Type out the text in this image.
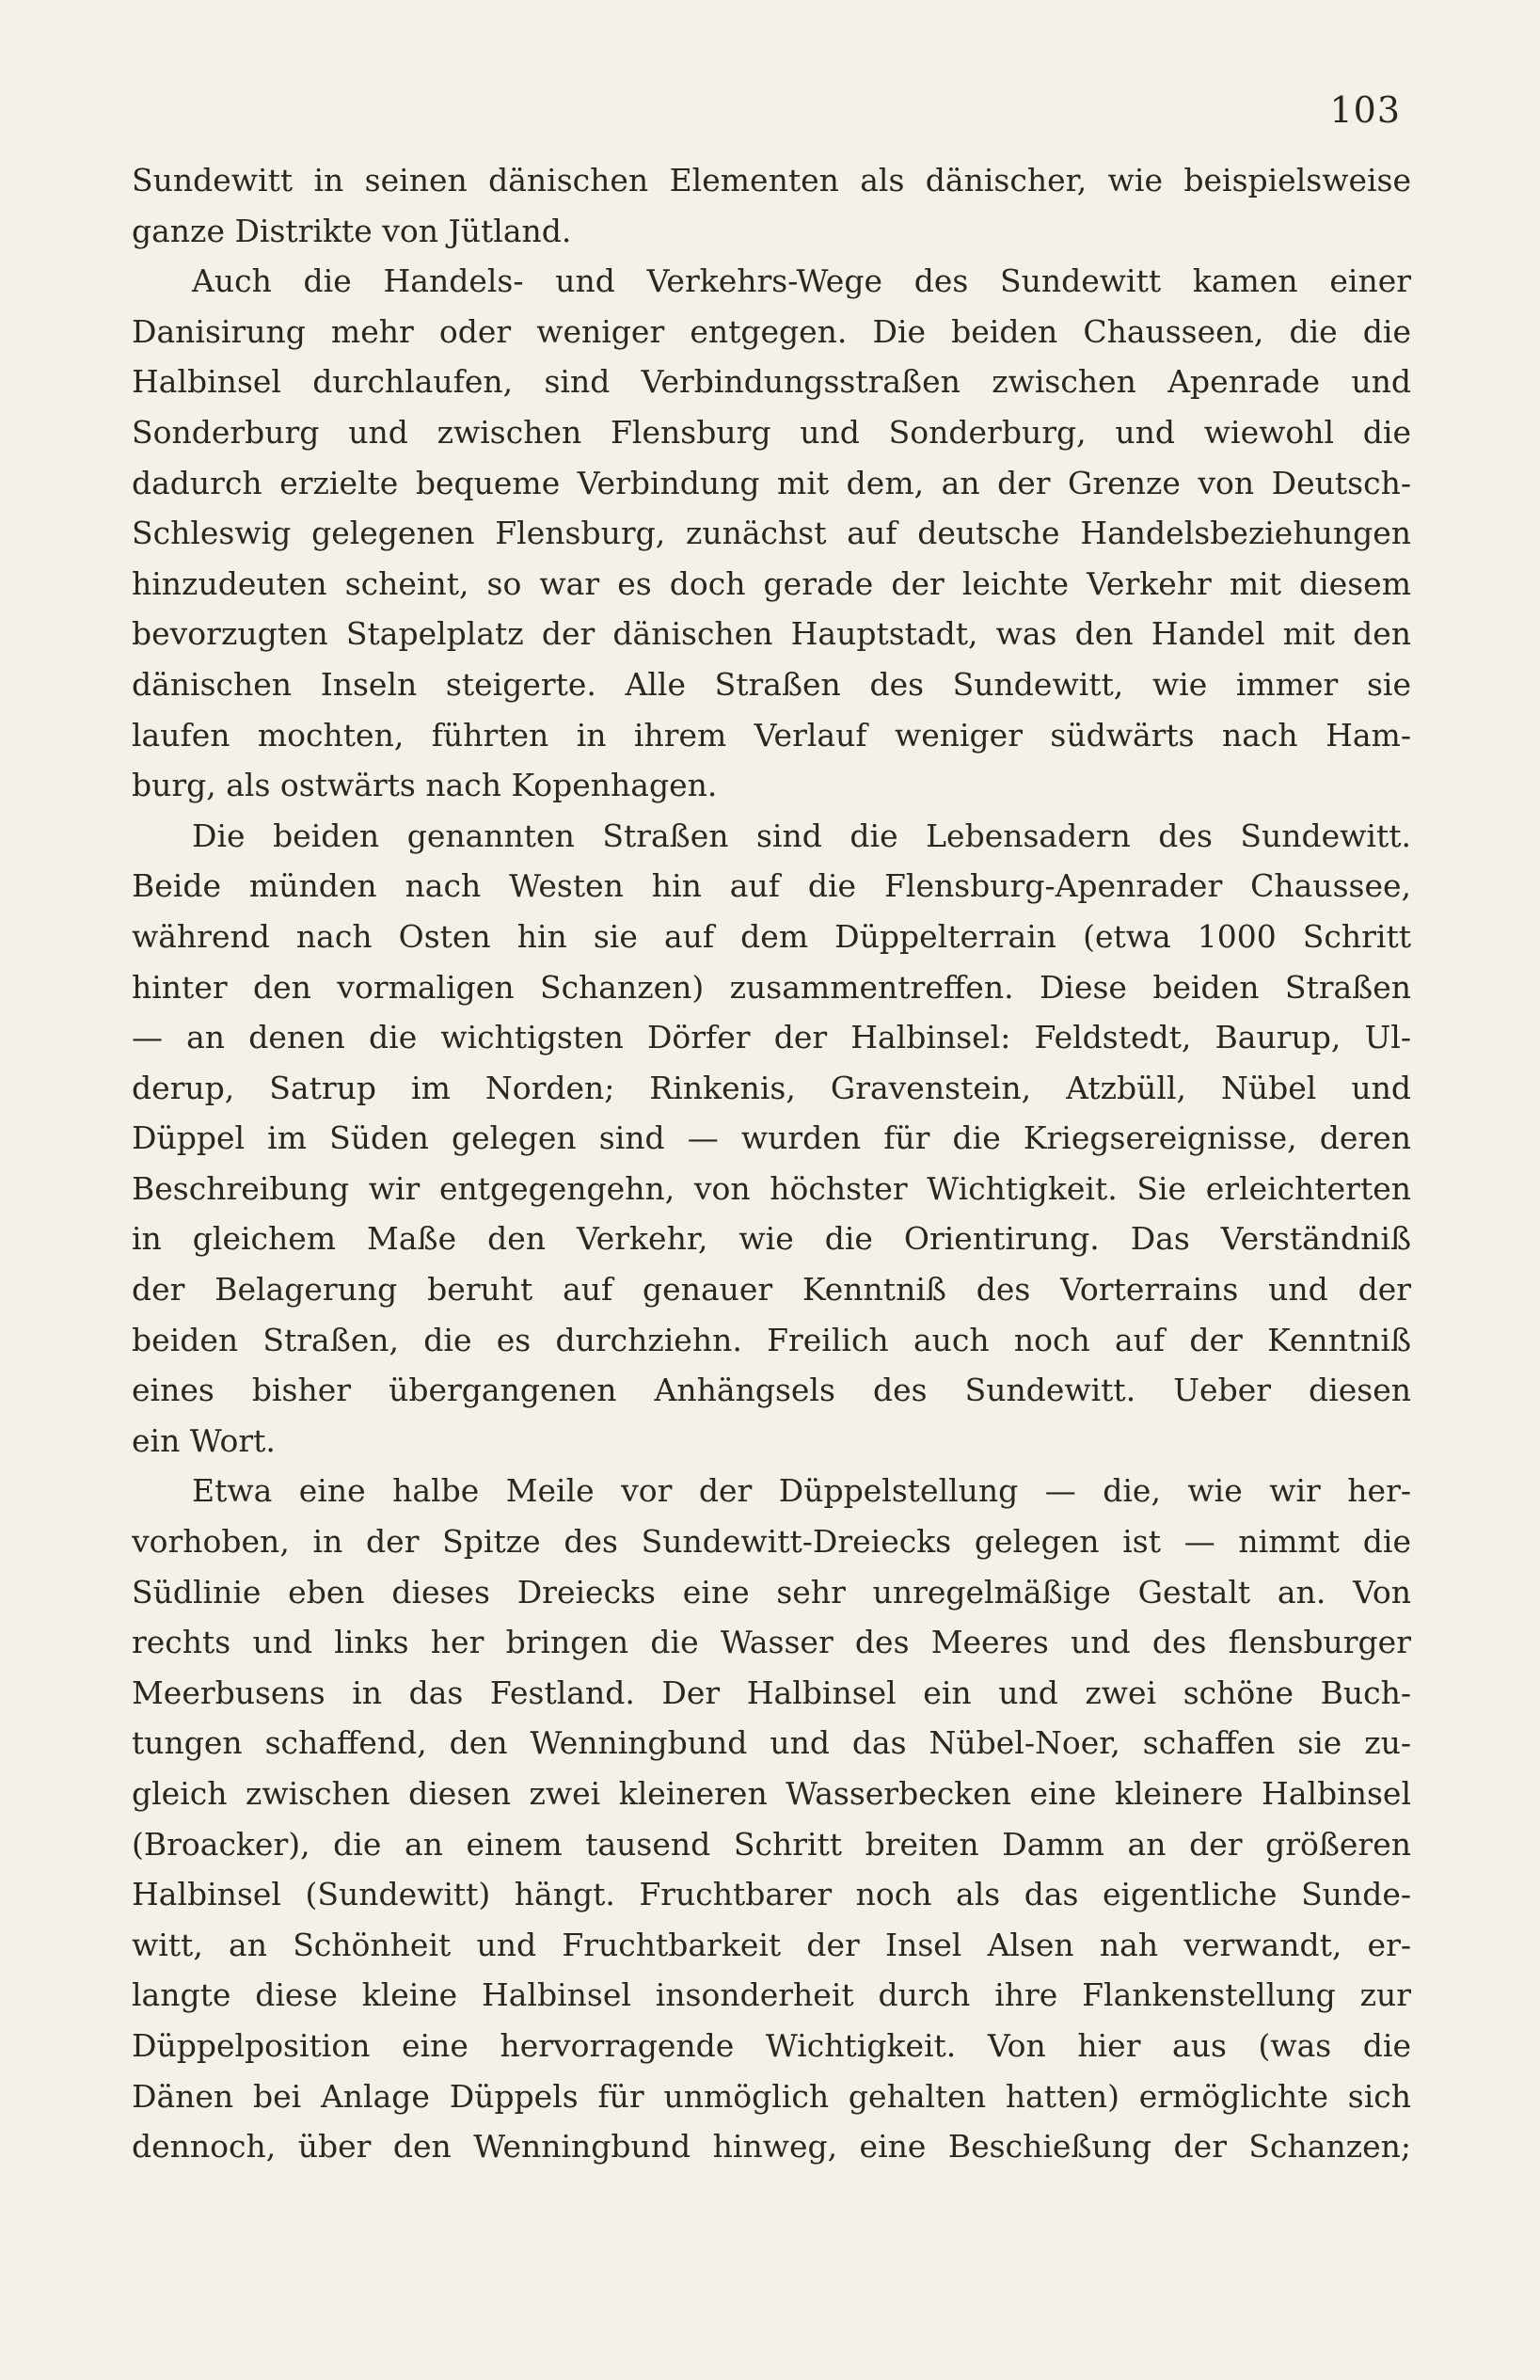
103
Sundewitt in seinen dänischen Elementen als dänischer, wie beispielsweise
ganze Distrikte von Jütland.
Auch die Handels- und Verkehrs-Wege des Sundewitt kamen einer
Danisirung mehr oder weniger entgegen. Die beiden Chausseen, die die
Halbinsel durchlaufen, sind Verbindungsstraßen zwischen Apenrade und
Sonderburg und zwischen Flensburg und Sonderburg, und wiewohl die
dadurch erzielte bequeme Verbindung mit dem, an der Grenze von Deutsch-
Schleswig gelegenen Flensburg, zunächst auf deutsche Handelsbeziehungen
hinzudeuten scheint, so war es doch gerade der leichte Verkehr mit diesem
bevorzugten Stapelplatz der dänischen Hauptstadt, was den Handel mit den
dänischen Inseln steigerte. Alle Straßen des Sundewitt, wie immer sie
laufen mochten, führten in ihrem Verlauf weniger südwärts nach Ham-
burg, als ostwärts nach Kopenhagen.
Die beiden genannten Straßen sind die Lebensadern des Sundewitt.
Beide münden nach Westen hin auf die Flensburg-Apenrader Chaussee,
während nach Osten hin sie auf dem Düppelterrain (etwa 1000 Schritt
hinter den vormaligen Schanzen) zusammentreffen. Diese beiden Straßen
— an denen die wichtigsten Dörfer der Halbinsel: Feldstedt, Baurup, Ul-
derup, Satrup im Norden; Rinkenis, Gravenstein, Atzbüll, Nübel und
Düppel im Süden gelegen sind — wurden für die Kriegsereignisse, deren
Beschreibung wir entgegengehn, von höchster Wichtigkeit. Sie erleichterten
in gleichem Maße den Verkehr, wie die Orientirung. Das Verständniß
der Belagerung beruht auf genauer Kenntniß des Vorterrains und der
beiden Straßen, die es durchziehn. Freilich auch noch auf der Kenntniß
eines bisher übergangenen Anhängsels des Sundewitt. Ueber diesen
ein Wort.
Etwa eine halbe Meile vor der Düppelstellung — die, wie wir her-
vorhoben, in der Spitze des Sundewitt-Dreiecks gelegen ist — nimmt die
Südlinie eben dieses Dreiecks eine sehr unregelmäßige Gestalt an. Von
rechts und links her bringen die Wasser des Meeres und des flensburger
Meerbusens in das Festland. Der Halbinsel ein und zwei schöne Buch-
tungen schaffend, den Wenningbund und das Nübel-Noer, schaffen sie zu-
gleich zwischen diesen zwei kleineren Wasserbecken eine kleinere Halbinsel
(Broacker), die an einem tausend Schritt breiten Damm an der größeren
Halbinsel (Sundewitt) hängt. Fruchtbarer noch als das eigentliche Sunde-
witt, an Schönheit und Fruchtbarkeit der Insel Alsen nah verwandt, er-
langte diese kleine Halbinsel insonderheit durch ihre Flankenstellung zur
Düppelposition eine hervorragende Wichtigkeit. Von hier aus (was die
Dänen bei Anlage Düppels für unmöglich gehalten hatten) ermöglichte sich
dennoch, über den Wenningbund hinweg, eine Beschießung der Schanzen;
